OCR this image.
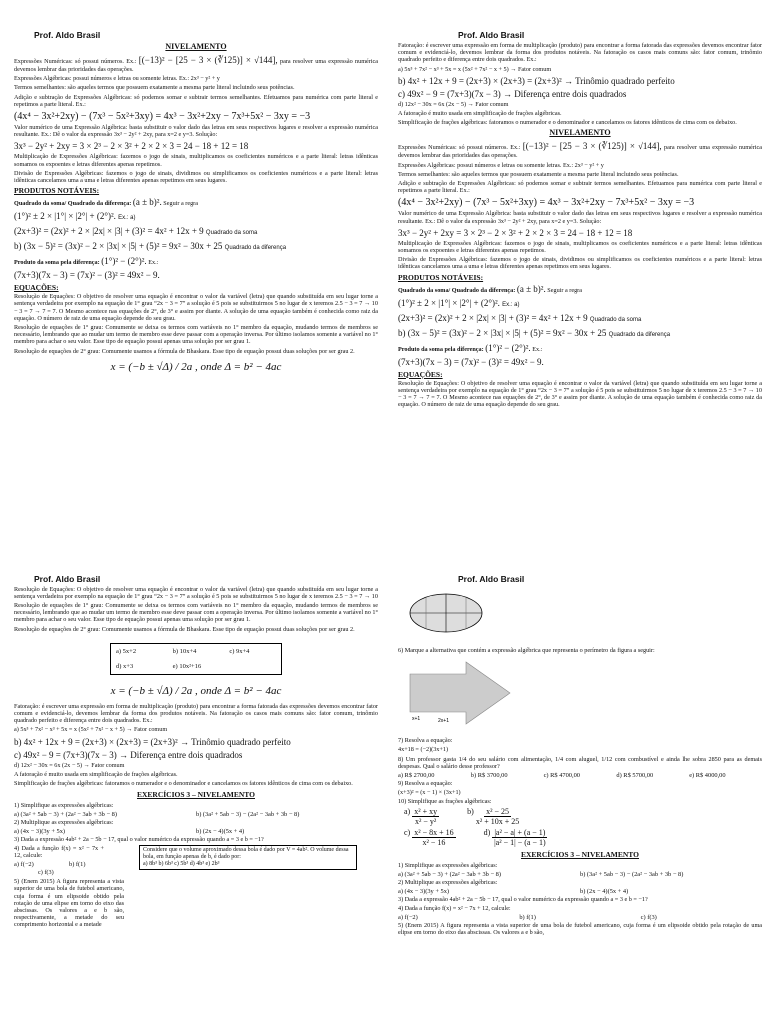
Prof. Aldo Brasil
NIVELAMENTO

Expressões Numéricas: só possui números. Ex.: [(−13)² − [25 − 3 × (∛125)] × √144], para resolver uma expressão numérica devemos lembrar das prioridades das operações.

Expressões Algébricas: possui números e letras ou somente letras. Ex.: 2x³ − y² + y

Termos semelhantes: são aqueles termos que possuem exatamente a mesma parte literal incluindo seus potências.

Adição e subtração de Expressões Algébricas: só podemos somar e subtrair termos semelhantes. Efetuamos para numérica com parte literal e repetimos a parte literal. Ex.:

(4x⁴ − 3x²+2xy) − (7x³ − 5x²+3xy) = 4x³ − 3x²+2xy − 7x³+5x² − 3xy = −3

Valor numérico de uma Expressão Algébrica: basta substituir o valor dado das letras em seus respectivos lugares e resolver a expressão numérica resultante. Ex.: Dê o valor da expressão 3x³ − 2y² + 2xy, para x=2 e y=3. Solução:

3x³ − 2y² + 2xy = 3 × 2³ − 2 × 3² + 2 × 2 × 3 = 24 − 18 + 12 = 18

Multiplicação de Expressões Algébricas: fazemos o jogo de sinais, multiplicamos os coeficientes numéricos e a parte literal: letras idênticas somamos os expoentes e letras diferentes apenas repetimos.

Divisão de Expressões Algébricas: fazemos o jogo de sinais, dividimos ou simplificamos os coeficientes numéricos e a parte literal: letras idênticas cancelamos uma a uma e letras diferentes apenas repetimos em seus lugares.

PRODUTOS NOTÁVEIS:

Quadrado da soma/ Quadrado da diferença: (a ± b)². Seguir a regra

(1°)² ± 2 × |1°| × |2°| + (2°)². Ex.: a)
(2x+3)² = (2x)² + 2 × |2x| × |3| + (3)² = 4x² + 12x + 9 Quadrado da soma
b) (3x − 5)² = (3x)² − 2 × |3x| × |5| + (5)² = 9x² − 30x + 25 Quadrado da diferença

Produto da soma pela diferença: (1°)² − (2°)². Ex.:

(7x+3)(7x − 3) = (7x)² − (3)² = 49x² − 9.
EQUAÇÕES:

Resolução de Equações: O objetivo de resolver uma equação é encontrar o valor da variável (letra) que quando substituída em seu lugar torne a sentença verdadeira por exemplo na equação de 1° grau “2x − 3 = 7” a solução é 5 pois se substituirmos 5 no lugar de x teremos 2.5 − 3 = 7 → 10 − 3 = 7 → 7 = 7. O Mesmo acontece nas equações de 2°, de 3° e assim por diante. A solução de uma equação também é conhecida como raiz da equação. O número de raiz de uma equação depende do seu grau.

Resolução de equações de 1° grau: Comumente se deixa os termos com variáveis no 1° membro da equação, mudando termos de membros se necessário, lembrando que ao mudar um termo de membro esse deve passar com a operação inversa. Por último isolamos somente a variável no 1° membro para achar o seu valor. Esse tipo de equação possui apenas uma solução por ser grau 1.

Resolução de equações de 2° grau: Comumente usamos a fórmula de Bhaskara. Esse tipo de equação possui duas soluções por ser grau 2.

x = (−b ± √Δ) / 2a , onde Δ = b² − 4ac
Prof. Aldo Brasil

Fatoração: é escrever uma expressão em forma de multiplicação (produto) para encontrar a forma fatorada das expressões devemos encontrar fator comum e evidenciá-lo, devemos lembrar da forma dos produtos notáveis. Na fatoração os casos mais comuns são: fator comum, trinômio quadrado perfeito e diferença entre dois quadrados. Ex.:

a) 5x³ + 7x² − x³ + 5x = x (5x² + 7x² − x + 5) → Fator comum

b) 4x² + 12x + 9 = (2x+3) × (2x+3) = (2x+3)² → Trinômio quadrado perfeito
c) 49x² − 9 = (7x+3)(7x − 3) → Diferença entre dois quadrados

d) 12x² − 30x = 6x (2x − 5) → Fator comum

A fatoração é muito usada em simplificação de frações algébricas.

Simplificação de frações algébricas: fatoramos o numerador e o denominador e cancelamos os fatores idênticos de cima com os debaixo.

NIVELAMENTO

Expressões Numéricas: só possui números. Ex.: [(−13)² − [25 − 3 × (∛125)] × √144], para resolver uma expressão numérica devemos lembrar das prioridades das operações.

Expressões Algébricas: possui números e letras ou somente letras. Ex.: 2x³ − y² + y

Termos semelhantes: são aqueles termos que possuem exatamente a mesma parte literal incluindo seus potências.

Adição e subtração de Expressões Algébricas: só podemos somar e subtrair termos semelhantes. Efetuamos para numérica com parte literal e repetimos a parte literal. Ex.:

(4x⁴ − 3x²+2xy) − (7x³ − 5x²+3xy) = 4x³ − 3x²+2xy − 7x³+5x² − 3xy = −3

Valor numérico de uma Expressão Algébrica: basta substituir o valor dado das letras em seus respectivos lugares e resolver a expressão numérica resultante. Ex.: Dê o valor da expressão 3x³ − 2y² + 2xy, para x=2 e y=3. Solução:

3x³ − 2y² + 2xy = 3 × 2³ − 2 × 3² + 2 × 2 × 3 = 24 − 18 + 12 = 18

Multiplicação de Expressões Algébricas: fazemos o jogo de sinais, multiplicamos os coeficientes numéricos e a parte literal: letras idênticas somamos os expoentes e letras diferentes apenas repetimos.

Divisão de Expressões Algébricas: fazemos o jogo de sinais, dividimos ou simplificamos os coeficientes numéricos e a parte literal: letras idênticas cancelamos uma a uma e letras diferentes apenas repetimos em seus lugares.

PRODUTOS NOTÁVEIS:

Quadrado da soma/ Quadrado da diferença: (a ± b)². Seguir a regra

(1°)² ± 2 × |1°| × |2°| + (2°)². Ex.: a)
(2x+3)² = (2x)² + 2 × |2x| × |3| + (3)² = 4x² + 12x + 9 Quadrado da soma
b) (3x − 5)² = (3x)² − 2 × |3x| × |5| + (5)² = 9x² − 30x + 25 Quadrado da diferença

Produto da soma pela diferença: (1°)² − (2°)². Ex.:

(7x+3)(7x − 3) = (7x)² − (3)² = 49x² − 9.
EQUAÇÕES:

Resolução de Equações: O objetivo de resolver uma equação é encontrar o valor da variável (letra) que quando substituída em seu lugar torne a sentença verdadeira por exemplo na equação de 1° grau “2x − 3 = 7” a solução é 5 pois se substituirmos 5 no lugar de x teremos 2.5 − 3 = 7 → 10 − 3 = 7 → 7 = 7. O Mesmo acontece nas equações de 2°, de 3° e assim por diante. A solução de uma equação também é conhecida como raiz da equação. O número de raiz de uma equação depende do seu grau.

Prof. Aldo Brasil

Resolução de Equações: O objetivo de resolver uma equação é encontrar o valor da variável (letra) que quando substituída em seu lugar torne a sentença verdadeira por exemplo na equação de 1° grau “2x − 3 = 7” a solução é 5 pois se substituirmos 5 no lugar de x teremos 2.5 − 3 = 7 → 10

Resolução de equações de 1° grau: Comumente se deixa os termos com variáveis no 1° membro da equação, mudando termos de membros se necessário, lembrando que ao mudar um termo de membro esse deve passar com a operação inversa. Por último isolamos somente a variável no 1° membro para achar o seu valor. Esse tipo de equação possui apenas uma solução por ser grau 1.

Resolução de equações de 2° grau: Comumente usamos a fórmula de Bhaskara. Esse tipo de equação possui duas soluções por ser grau 2.

a) 5x+2	b) 10x+4	c) 9x+4
d) x+3	e) 10x²+16
x = (−b ± √Δ) / 2a , onde Δ = b² − 4ac

Fatoração: é escrever uma expressão em forma de multiplicação (produto) para encontrar a forma fatorada das expressões devemos encontrar fator comum e evidenciá-lo, devemos lembrar da forma dos produtos notáveis. Na fatoração os casos mais comuns são: fator comum, trinômio quadrado perfeito e diferença entre dois quadrados. Ex.:

a) 5x³ + 7x² − x³ + 5x = x (5x² + 7x² − x + 5) → Fator comum

b) 4x² + 12x + 9 = (2x+3) × (2x+3) = (2x+3)² → Trinômio quadrado perfeito
c) 49x² − 9 = (7x+3)(7x − 3) → Diferença entre dois quadrados

d) 12x² − 30x = 6x (2x − 5) → Fator comum

A fatoração é muito usada em simplificação de frações algébricas.

Simplificação de frações algébricas: fatoramos o numerador e o denominador e cancelamos os fatores idênticos de cima com os debaixo.

EXERCÍCIOS 3 – NIVELAMENTO

1) Simplifique as expressões algébricas:

a) (3a² + 5ab − 3) + (2a² − 3ab + 3b − 8)	b) (3a² + 5ab − 3) − (2a² − 3ab + 3b − 8)

2) Multiplique as expressões algébricas:

a) (4x − 3)(3y + 5x)	b) (2x − 4)(5x + 4)

3) Dada a expressão 4ab² + 2a − 5b − 17, qual o valor numérico da expressão quando a = 3 e b = −1?

4) Dada a função f(x) = x² − 7x + 12, calcule:

a) f(−2)	b) f(1)

c) f(3)

5) (Enem 2015) A figura representa a vista superior de uma bola de futebol americano, cuja forma é um elipsoide obtido pela rotação de uma elipse em torno do eixo das abscissas. Os valores a e b são, respectivamente, a metade do seu comprimento horizontal e a metade

Considere que o volume aproximado dessa bola é dado por V = 4ab². O volume dessa bola, em função apenas de b, é dado por:
a) 8b³ b) 6b³ c) 5b³ d) 4b³ e) 2b³
Prof. Aldo Brasil

6) Marque a alternativa que contém a expressão algébrica que representa o perímetro da figura a seguir:

x+1	2x+1

7) Resolva a equação:

4x+18 = (−2)(3x+1)

8) Um professor gasta 1/4 do seu salário com alimentação, 1/4 com aluguel, 1/12 com combustível e ainda lhe sobra 2850 para as demais despesas. Qual o salário desse professor?

a) R$ 2700,00	b) R$ 3700,00	c) R$ 4700,00	d) R$ 5700,00	e) R$ 4000,00

9) Resolva a equação:

(x+3)² = (x − 1) × (3x+1)

10) Simplifique as frações algébricas:

$a) \frac{\text{x² + xy}}{\text{x² − y²}}$	$b) \frac{\text{x² − 25}}{\text{x² + 10x + 25}}$
$c) \frac{\text{x² − 8x + 16}}{\text{x² − 16}}$	$d) \frac{\text{|a² − a| + (a − 1)}}{\text{|a² − 1| − (a − 1)}}$
EXERCÍCIOS 3 – NIVELAMENTO

1) Simplifique as expressões algébricas:

a) (3a² + 5ab − 3) + (2a² − 3ab + 3b − 8)	b) (3a² + 5ab − 3) − (2a² − 3ab + 3b − 8)

2) Multiplique as expressões algébricas:

a) (4x − 3)(3y + 5x)	b) (2x − 4)(5x + 4)

3) Dada a expressão 4ab² + 2a − 5b − 17, qual o valor numérico da expressão quando a = 3 e b = −1?

4) Dada a função f(x) = x² − 7x + 12, calcule:

a) f(−2)	b) f(1)	c) f(3)

5) (Enem 2015) A figura representa a vista superior de uma bola de futebol americano, cuja forma é um elipsoide obtido pela rotação de uma elipse em torno do eixo das abscissas. Os valores a e b são,
